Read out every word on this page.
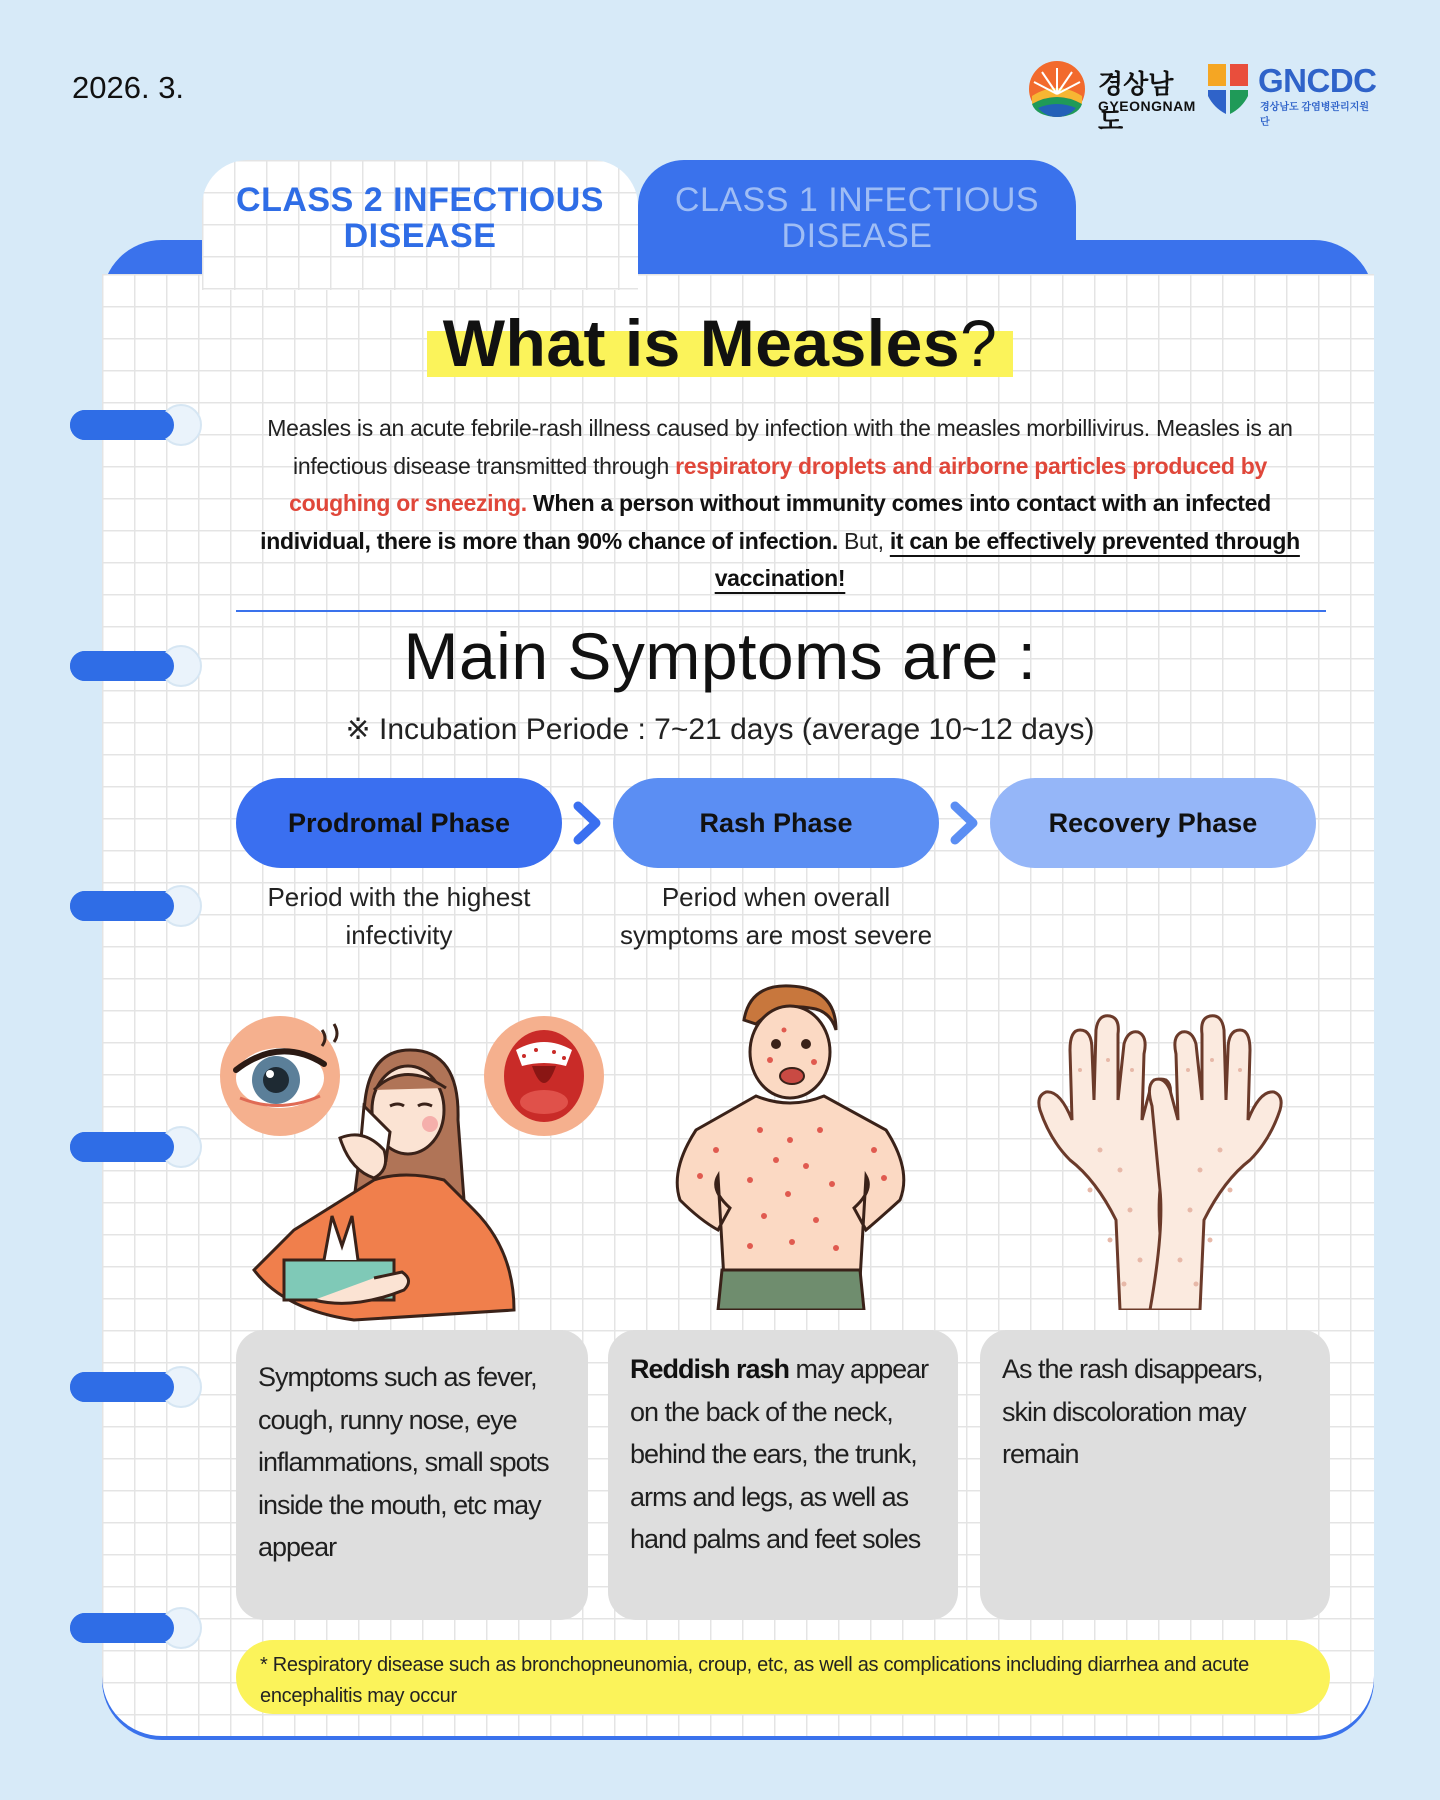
2026. 3.	경상남도
GYEONGNAM
GNCDC
경상남도 감염병관리지원단
CLASS 1 INFECTIOUS
DISEASE
CLASS 2 INFECTIOUS
DISEASE
What is Measles?
Measles is an acute febrile-rash illness caused by infection with the measles morbillivirus. Measles is an infectious disease transmitted through respiratory droplets and airborne particles produced by coughing or sneezing. When a person without immunity comes into contact with an infected individual, there is more than 90% chance of infection. But, it can be effectively prevented through vaccination!
Main Symptoms are :
※ Incubation Periode : 7~21 days (average 10~12 days)
Prodromal Phase	Rash Phase	Recovery Phase
Period with the highest infectivity
Period when overall symptoms are most severe
Symptoms such as fever, cough, runny nose, eye inflammations, small spots inside the mouth, etc may appear
Reddish rash may appear on the back of the neck, behind the ears, the trunk, arms and legs, as well as hand palms and feet soles
As the rash disappears, skin discoloration may remain
* Respiratory disease such as bronchopneunomia, croup, etc, as well as complications including diarrhea and acute encephalitis may occur
